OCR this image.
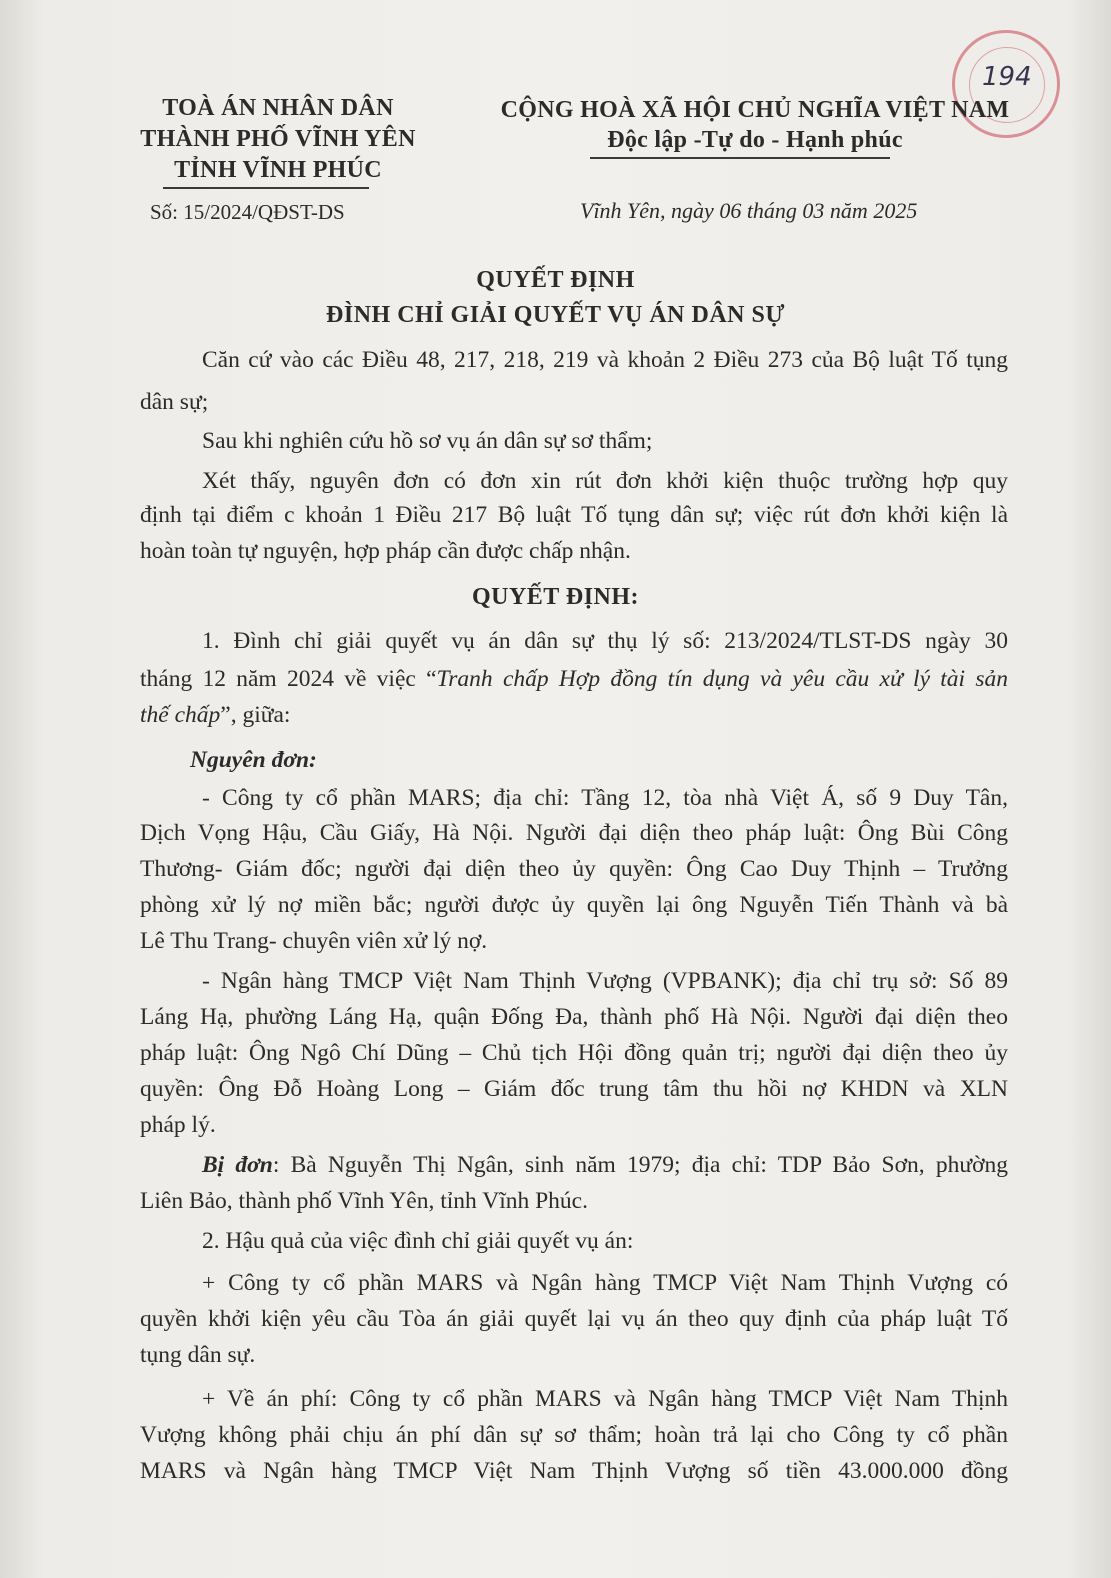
194
TOÀ ÁN NHÂN DÂN
THÀNH PHỐ VĨNH YÊN
TỈNH VĨNH PHÚC
CỘNG HOÀ XÃ HỘI CHỦ NGHĨA VIỆT NAM
Độc lập -Tự do - Hạnh phúc
Số: 15/2024/QĐST-DS	Vĩnh Yên, ngày 06 tháng 03 năm 2025
QUYẾT ĐỊNH
ĐÌNH CHỈ GIẢI QUYẾT VỤ ÁN DÂN SỰ
Căn cứ vào các Điều 48, 217, 218, 219 và khoản 2 Điều 273 của Bộ luật Tố tụng
dân sự;
Sau khi nghiên cứu hồ sơ vụ án dân sự sơ thẩm;
Xét thấy, nguyên đơn có đơn xin rút đơn khởi kiện thuộc trường hợp quy
định tại điểm c khoản 1 Điều 217 Bộ luật Tố tụng dân sự; việc rút đơn khởi kiện là
hoàn toàn tự nguyện, hợp pháp cần được chấp nhận.
QUYẾT ĐỊNH:
1. Đình chỉ giải quyết vụ án dân sự thụ lý số: 213/2024/TLST-DS ngày 30
tháng 12 năm 2024 về việc “Tranh chấp Hợp đồng tín dụng và yêu cầu xử lý tài sản
thế chấp”, giữa:
Nguyên đơn:
- Công ty cổ phần MARS; địa chỉ: Tầng 12, tòa nhà Việt Á, số 9 Duy Tân,
Dịch Vọng Hậu, Cầu Giấy, Hà Nội. Người đại diện theo pháp luật: Ông Bùi Công
Thương- Giám đốc; người đại diện theo ủy quyền: Ông Cao Duy Thịnh – Trưởng
phòng xử lý nợ miền bắc; người được ủy quyền lại ông Nguyễn Tiến Thành và bà
Lê Thu Trang- chuyên viên xử lý nợ.
- Ngân hàng TMCP Việt Nam Thịnh Vượng (VPBANK); địa chỉ trụ sở: Số 89
Láng Hạ, phường Láng Hạ, quận Đống Đa, thành phố Hà Nội. Người đại diện theo
pháp luật: Ông Ngô Chí Dũng – Chủ tịch Hội đồng quản trị; người đại diện theo ủy
quyền: Ông Đỗ Hoàng Long – Giám đốc trung tâm thu hồi nợ KHDN và XLN
pháp lý.
Bị đơn: Bà Nguyễn Thị Ngân, sinh năm 1979; địa chỉ: TDP Bảo Sơn, phường
Liên Bảo, thành phố Vĩnh Yên, tỉnh Vĩnh Phúc.
2. Hậu quả của việc đình chỉ giải quyết vụ án:
+ Công ty cổ phần MARS và Ngân hàng TMCP Việt Nam Thịnh Vượng có
quyền khởi kiện yêu cầu Tòa án giải quyết lại vụ án theo quy định của pháp luật Tố
tụng dân sự.
+ Về án phí: Công ty cổ phần MARS và Ngân hàng TMCP Việt Nam Thịnh
Vượng không phải chịu án phí dân sự sơ thẩm; hoàn trả lại cho Công ty cổ phần
MARS và Ngân hàng TMCP Việt Nam Thịnh Vượng số tiền 43.000.000 đồng
